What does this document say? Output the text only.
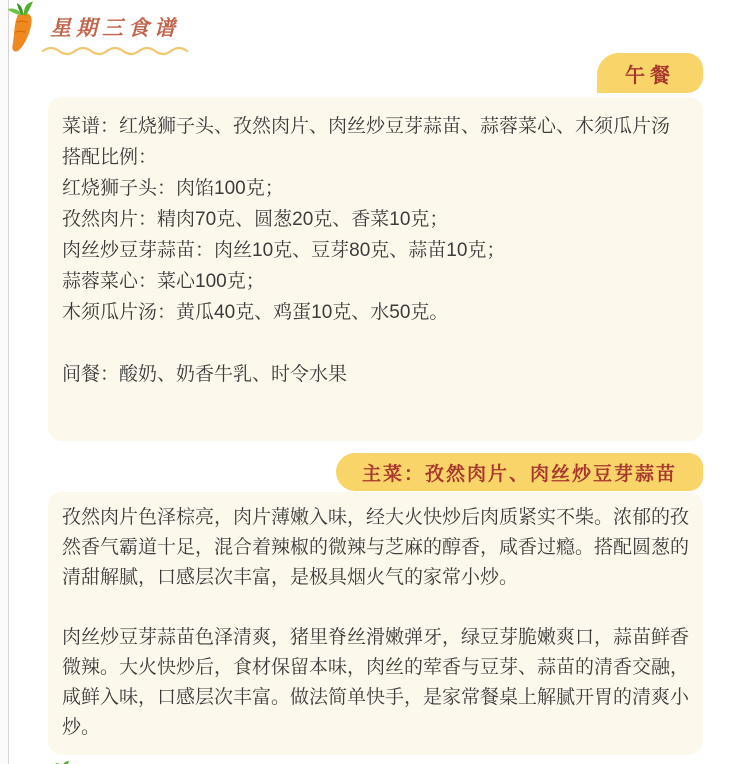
星期三食谱
午餐
菜谱：红烧狮子头、孜然肉片、肉丝炒豆芽蒜苗、蒜蓉菜心、木须瓜片汤
搭配比例：
红烧狮子头：肉馅100克；
孜然肉片：精肉70克、圆葱20克、香菜10克；
肉丝炒豆芽蒜苗：肉丝10克、豆芽80克、蒜苗10克；
蒜蓉菜心：菜心100克；
木须瓜片汤：黄瓜40克、鸡蛋10克、水50克。
间餐：酸奶、奶香牛乳、时令水果
主菜：孜然肉片、肉丝炒豆芽蒜苗
孜然肉片色泽棕亮，肉片薄嫩入味，经大火快炒后肉质紧实不柴。浓郁的孜然香气霸道十足，混合着辣椒的微辣与芝麻的醇香，咸香过瘾。搭配圆葱的清甜解腻，口感层次丰富，是极具烟火气的家常小炒。
肉丝炒豆芽蒜苗色泽清爽，猪里脊丝滑嫩弹牙，绿豆芽脆嫩爽口，蒜苗鲜香微辣。大火快炒后，食材保留本味，肉丝的荤香与豆芽、蒜苗的清香交融，咸鲜入味，口感层次丰富。做法简单快手，是家常餐桌上解腻开胃的清爽小炒。
